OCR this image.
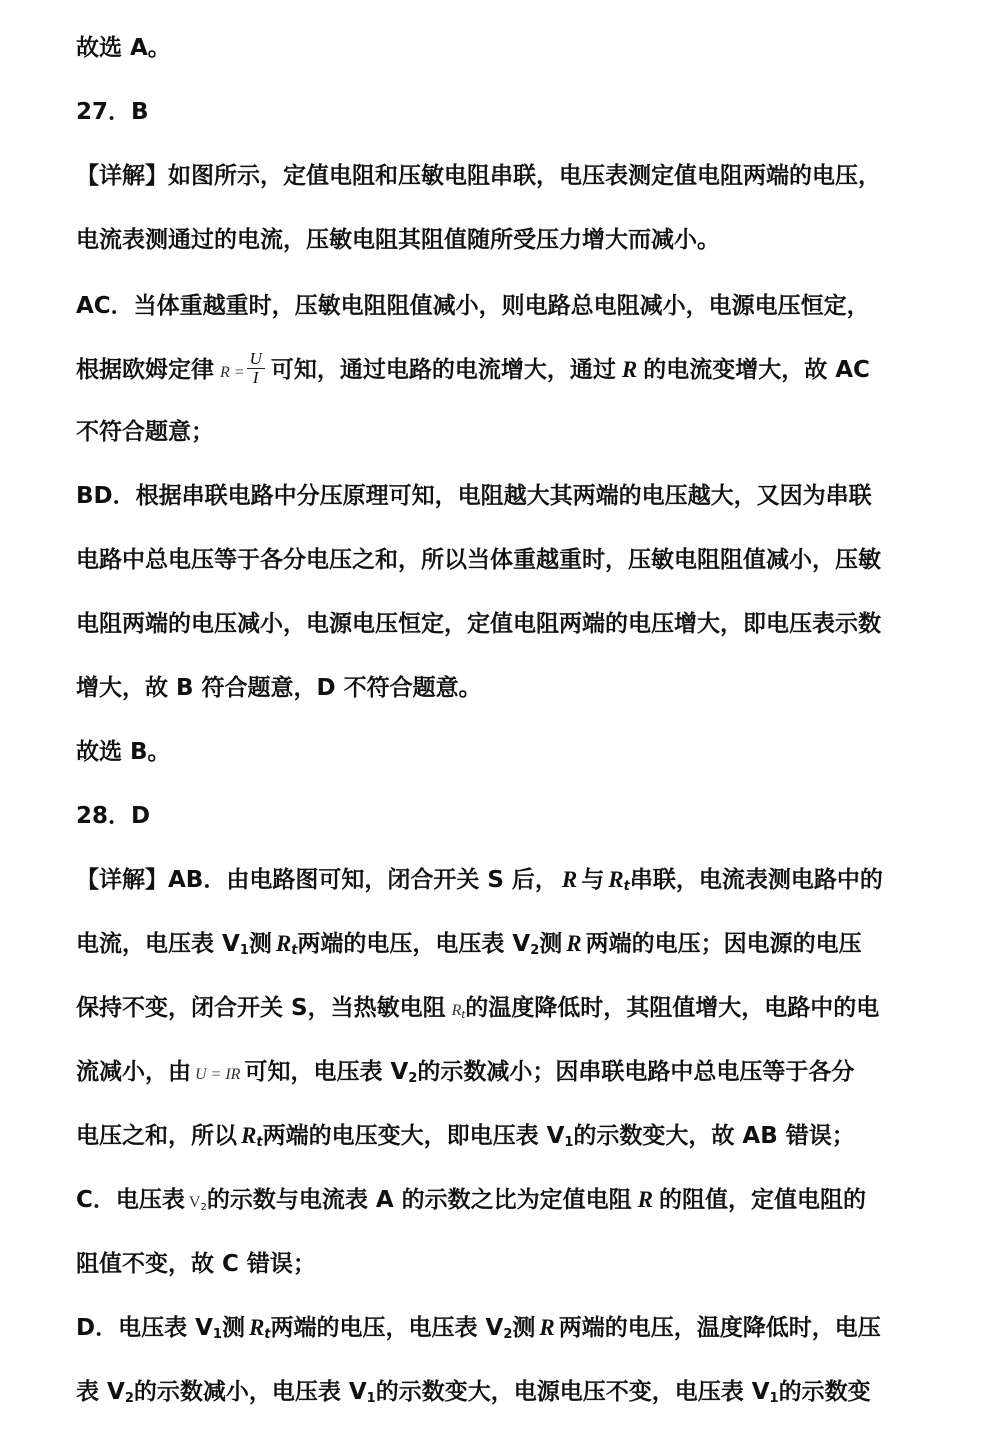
故选 A。
27．B
【详解】如图所示，定值电阻和压敏电阻串联，电压表测定值电阻两端的电压，
电流表测通过的电流，压敏电阻其阻值随所受压力增大而减小。
AC．当体重越重时，压敏电阻阻值减小，则电路总电阻减小，电源电压恒定，
根据欧姆定律 $R = \frac{U}{I}$ 可知，通过电路的电流增大，通过 R 的电流变增大，故 AC
不符合题意；
BD．根据串联电路中分压原理可知，电阻越大其两端的电压越大，又因为串联
电路中总电压等于各分电压之和，所以当体重越重时，压敏电阻阻值减小，压敏
电阻两端的电压减小，电源电压恒定，定值电阻两端的电压增大，即电压表示数
增大，故 B 符合题意，D 不符合题意。
故选 B。
28．D
【详解】AB．由电路图可知，闭合开关 S 后， R 与 $R_t$串联，电流表测电路中的
电流，电压表 $V_1$测 $R_t$两端的电压，电压表 $V_2$测 R 两端的电压；因电源的电压
保持不变，闭合开关 S，当热敏电阻 $R_t$的温度降低时，其阻值增大，电路中的电
流减小，由 U = IR 可知，电压表 $V_2$的示数减小；因串联电路中总电压等于各分
电压之和，所以 $R_t$两端的电压变大，即电压表 $V_1$的示数变大，故 AB 错误；
C．电压表 $V_2$的示数与电流表 A 的示数之比为定值电阻 R 的阻值，定值电阻的
阻值不变，故 C 错误；
D．电压表 $V_1$测 $R_t$两端的电压，电压表 $V_2$测 R 两端的电压，温度降低时，电压
表 $V_2$的示数减小，电压表 $V_1$的示数变大，电源电压不变，电压表 $V_1$的示数变
